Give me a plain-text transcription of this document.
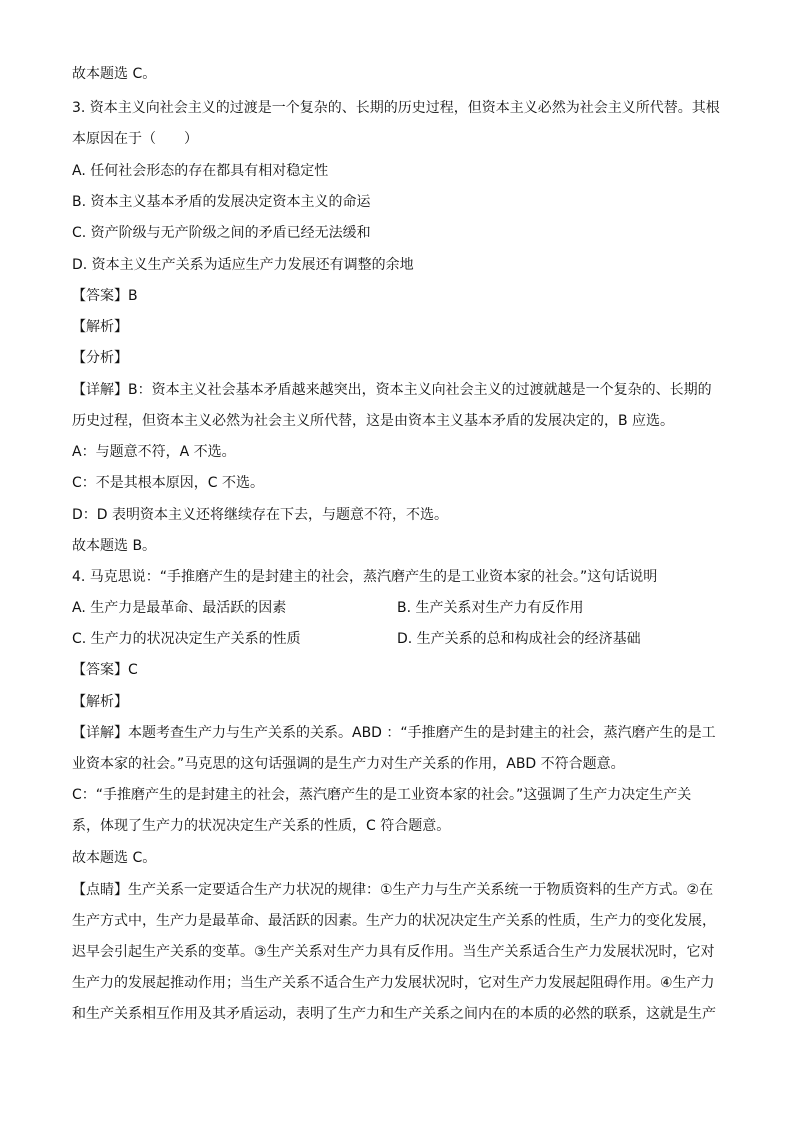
故本题选 C。
3. 资本主义向社会主义的过渡是一个复杂的、长期的历史过程，但资本主义必然为社会主义所代替。其根
本原因在于（　　）
A. 任何社会形态的存在都具有相对稳定性
B. 资本主义基本矛盾的发展决定资本主义的命运
C. 资产阶级与无产阶级之间的矛盾已经无法缓和
D. 资本主义生产关系为适应生产力发展还有调整的余地
【答案】B
【解析】
【分析】
【详解】B：资本主义社会基本矛盾越来越突出，资本主义向社会主义的过渡就越是一个复杂的、长期的
历史过程，但资本主义必然为社会主义所代替，这是由资本主义基本矛盾的发展决定的，B 应选。
A：与题意不符，A 不选。
C：不是其根本原因，C 不选。
D：D 表明资本主义还将继续存在下去，与题意不符，不选。
故本题选 B。
4. 马克思说：“手推磨产生的是封建主的社会，蒸汽磨产生的是工业资本家的社会。”这句话说明
A. 生产力是最革命、最活跃的因素	B. 生产关系对生产力有反作用
C. 生产力的状况决定生产关系的性质	D. 生产关系的总和构成社会的经济基础
【答案】C
【解析】
【详解】本题考查生产力与生产关系的关系。ABD ：“手推磨产生的是封建主的社会，蒸汽磨产生的是工
业资本家的社会。”马克思的这句话强调的是生产力对生产关系的作用，ABD 不符合题意。
C：“手推磨产生的是封建主的社会，蒸汽磨产生的是工业资本家的社会。”这强调了生产力决定生产关
系，体现了生产力的状况决定生产关系的性质，C 符合题意。
故本题选 C。
【点睛】生产关系一定要适合生产力状况的规律：①生产力与生产关系统一于物质资料的生产方式。②在
生产方式中，生产力是最革命、最活跃的因素。生产力的状况决定生产关系的性质，生产力的变化发展，
迟早会引起生产关系的变革。③生产关系对生产力具有反作用。当生产关系适合生产力发展状况时，它对
生产力的发展起推动作用；当生产关系不适合生产力发展状况时，它对生产力发展起阻碍作用。④生产力
和生产关系相互作用及其矛盾运动，表明了生产力和生产关系之间内在的本质的必然的联系，这就是生产
